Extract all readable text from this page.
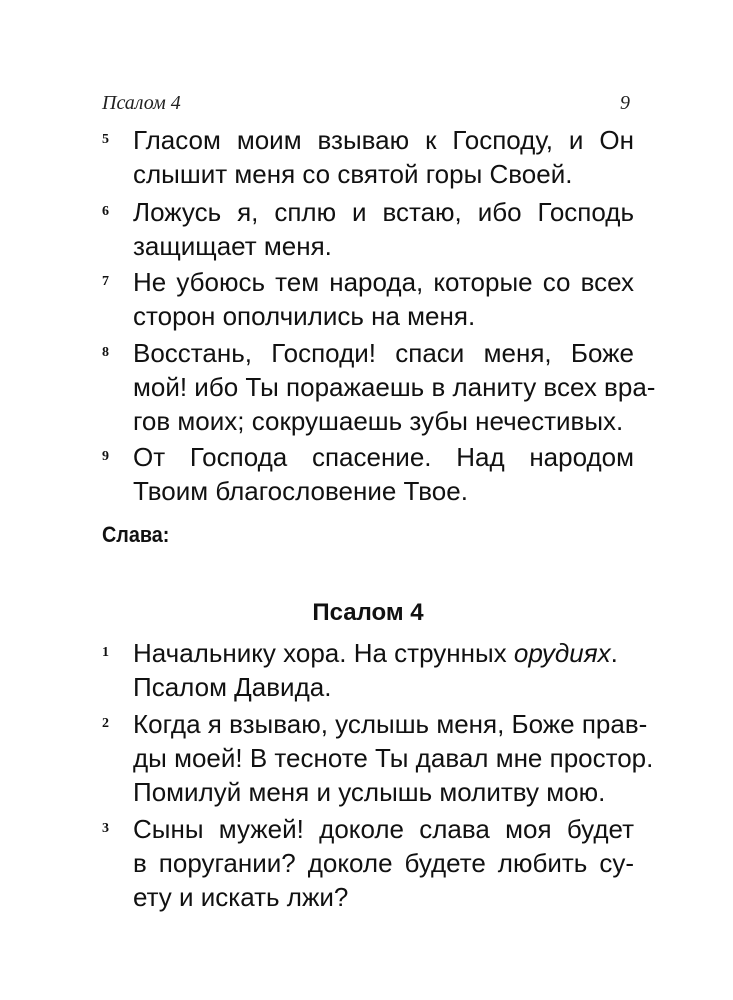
Псалом 4	9
5 Гласом моим взываю к Господу, и Он
слышит меня со святой горы Своей.
6 Ложусь я, сплю и встаю, ибо Господь
защищает меня.
7 Не убоюсь тем народа, которые со всех
сторон ополчились на меня.
8 Восстань, Господи! спаси меня, Боже
мой! ибо Ты поражаешь в ланиту всех вра-
гов моих; сокрушаешь зубы нечестивых.
9 От Господа спасение. Над народом
Твоим благословение Твое.
Слава:
Псалом 4
1 Начальнику хора. На струнных орудиях.
Псалом Давида.
2 Когда я взываю, услышь меня, Боже прав-
ды моей! В тесноте Ты давал мне простор.
Помилуй меня и услышь молитву мою.
3 Сыны мужей! доколе слава моя будет
в поругании? доколе будете любить су-
ету и искать лжи?
